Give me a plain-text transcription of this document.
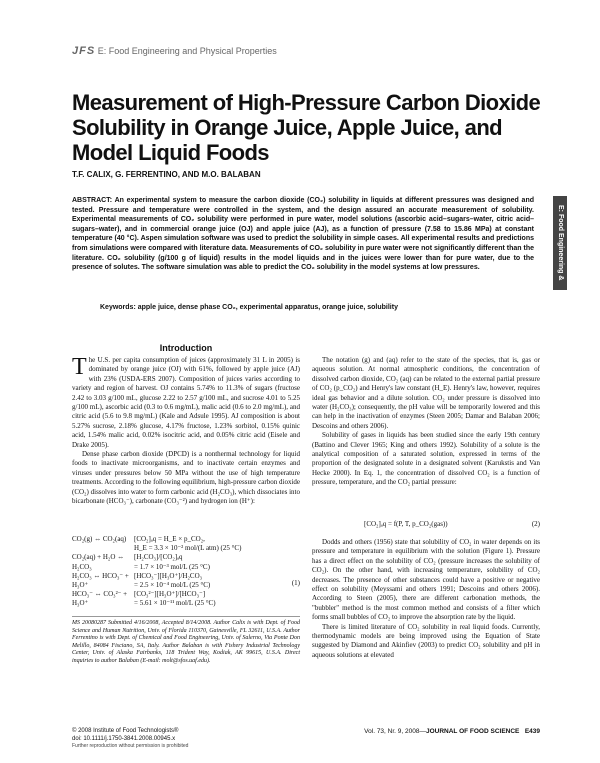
JFS E: Food Engineering and Physical Properties
Measurement of High-Pressure Carbon Dioxide Solubility in Orange Juice, Apple Juice, and Model Liquid Foods
T.F. CALIX, G. FERRENTINO, AND M.O. BALABAN

ABSTRACT: An experimental system to measure the carbon dioxide (CO₂) solubility in liquids at different pressures was designed and tested. Pressure and temperature were controlled in the system, and the design assured an accurate measurement of solubility. Experimental measurements of CO₂ solubility were performed in pure water, model solutions (ascorbic acid–sugars–water, citric acid–sugars–water), and in commercial orange juice (OJ) and apple juice (AJ), as a function of pressure (7.58 to 15.86 MPa) at constant temperature (40 °C). Aspen simulation software was used to predict the solubility in simple cases. All experimental results and predictions from simulations were compared with literature data. Measurements of CO₂ solubility in pure water were not significantly different than the literature. CO₂ solubility (g/100 g of liquid) results in the model liquids and in the juices were lower than for pure water, due to the presence of solutes. The software simulation was able to predict the CO₂ solubility in the model systems at low pressures.

Keywords: apple juice, dense phase CO₂, experimental apparatus, orange juice, solubility
E: Food Engineering & Physical Properties
Introduction

The U.S. per capita consumption of juices (approximately 31 L in 2005) is dominated by orange juice (OJ) with 61%, followed by apple juice (AJ) with 23% (USDA-ERS 2007). Composition of juices varies according to variety and region of harvest. OJ contains 5.74% to 11.3% of sugars (fructose 2.42 to 3.03 g/100 mL, glucose 2.22 to 2.57 g/100 mL, and sucrose 4.01 to 5.25 g/100 mL), ascorbic acid (0.3 to 0.6 mg/mL), malic acid (0.6 to 2.0 mg/mL), and citric acid (5.6 to 9.8 mg/mL) (Kale and Adsule 1995). AJ composition is about 5.27% sucrose, 2.18% glucose, 4.17% fructose, 1.23% sorbitol, 0.15% quinic acid, 1.54% malic acid, 0.02% isocitric acid, and 0.05% citric acid (Eisele and Drake 2005).

Dense phase carbon dioxide (DPCD) is a nonthermal technology for liquid foods to inactivate microorganisms, and to inactivate certain enzymes and viruses under pressures below 50 MPa without the use of high temperature treatments. According to the following equilibrium, high-pressure carbon dioxide (CO₂) dissolves into water to form carbonic acid (H₂CO₃), which dissociates into bicarbonate (HCO₃⁻), carbonate (CO₃⁻²) and hydrogen ion (H⁺):

CO₂(g) ⇔ CO₂(aq)	[CO₂]ₐq = H_E × p_CO₂,
H_E = 3.3 × 10⁻² mol/(L atm) (25 °C)
CO₂(aq) + H₂O ⇔ H₂CO₃
[H₂CO₃]/[CO₂]ₐq
= 1.7 × 10⁻³ mol/L (25 °C)
H₂CO₃ ⇔ HCO₃⁻ + H₃O⁺
[HCO₃⁻][H₃O⁺]/H₂CO₃
= 2.5 × 10⁻⁴ mol/L (25 °C)
HCO₃⁻ ⇔ CO₃²⁻ + H₃O⁺
[CO₃²⁻][H₃O⁺]/[HCO₃⁻]
= 5.61 × 10⁻¹¹ mol/L (25 °C)
(1)
MS 20080287 Submitted 4/16/2008, Accepted 8/14/2008. Author Calix is with Dept. of Food Science and Human Nutrition, Univ. of Florida 110370, Gainesville, FL 32611, U.S.A. Author Ferrentino is with Dept. of Chemical and Food Engineering, Univ. of Salerno, Via Ponte Don Melillo, 84084 Fisciano, SA, Italy. Author Balaban is with Fishery Industrial Technology Center, Univ. of Alaska Fairbanks, 118 Trident Way, Kodiak, AK 99615, U.S.A. Direct inquiries to author Balaban (E-mail: molt@sfos.uaf.edu).

The notation (g) and (aq) refer to the state of the species, that is, gas or aqueous solution. At normal atmospheric conditions, the concentration of dissolved carbon dioxide, CO₂ (aq) can be related to the external partial pressure of CO₂ (p_CO₂) and Henry's law constant (H_E). Henry's law, however, requires ideal gas behavior and a dilute solution. CO₂ under pressure is dissolved into water (H₂CO₃); consequently, the pH value will be temporarily lowered and this can help in the inactivation of enzymes (Steen 2005; Damar and Balaban 2006; Descoins and others 2006).

Solubility of gases in liquids has been studied since the early 19th century (Battino and Clever 1965; King and others 1992). Solubility of a solute is the analytical composition of a saturated solution, expressed in terms of the proportion of the designated solute in a designated solvent (Karukstis and Van Hecke 2000). In Eq. 1, the concentration of dissolved CO₂ is a function of pressure, temperature, and the CO₂ partial pressure:

[CO₂]ₐq = f(P, T, p_CO₂(gas))	(2)

Dodds and others (1956) state that solubility of CO₂ in water depends on its pressure and temperature in equilibrium with the solution (Figure 1). Pressure has a direct effect on the solubility of CO₂ (pressure increases the solubility of CO₂). On the other hand, with increasing temperature, solubility of CO₂ decreases. The presence of other substances could have a positive or negative effect on solubility (Meyssami and others 1991; Descoins and others 2006). According to Steen (2005), there are different carbonation methods, the "bubbler" method is the most common method and consists of a filter which forms small bubbles of CO₂ to improve the absorption rate by the liquid.

There is limited literature of CO₂ solubility in real liquid foods. Currently, thermodynamic models are being improved using the Equation of State suggested by Diamond and Akinfiev (2003) to predict CO₂ solubility and pH in aqueous solutions at elevated

© 2008 Institute of Food Technologists®
doi: 10.1111/j.1750-3841.2008.00945.x
Further reproduction without permission is prohibited
Vol. 73, Nr. 9, 2008—JOURNAL OF FOOD SCIENCE E439
